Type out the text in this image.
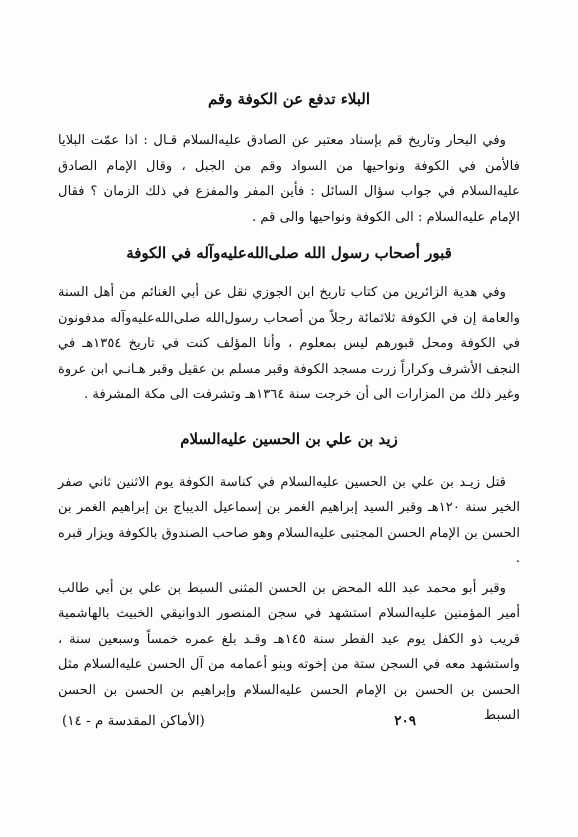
البلاء تدفع عن الكوفة وقم

وفي البحار وتاريخ قم بإسناد معتبر عن الصادق عليه‌السلام قـال : اذا عمّت البلايا فالأمن في الكوفة ونواحيها من السواد وقم من الجبل ، وقال الإمام الصادق عليه‌السلام في جواب سؤال السائل : فأين المفر والمفزع في ذلك الزمان ؟ فقال الإمام عليه‌السلام : الى الكوفة ونواحيها والى قم .

قبور أصحاب رسول الله صلى‌الله‌عليه‌وآله في الكوفة

وفي هدية الزائرين من كتاب تاريخ ابن الجوزي نقل عن أبي الغنائم من أهل السنة والعامة إن في الكوفة ثلاثمائة رجلاً من أصحاب رسول‌الله صلى‌الله‌عليه‌وآله مدفونون في الكوفة ومحل قبورهم ليس بمعلوم ، وأنا المؤلف كنت في تاريخ ١٣٥٤هـ في النجف الأشرف وكراراً زرت مسجد الكوفة وقبر مسلم بن عقيل وقبر هـانـي ابن عروة وغير ذلك من المزارات الى أن خرجت سنة ١٣٦٤هـ وتشرفت الى مكة المشرفة .

زيد بن علي بن الحسين عليه‌السلام

قتل زيـد بن علي بن الحسين عليه‌السلام في كناسة الكوفة يوم الاثنين ثاني صفر الخير سنة ١٢٠هـ وقبر السيد إبراهيم الغمر بن إسماعيل الديباج بن إبراهيم الغمر بن الحسن بن الإمام الحسن المجتبى عليه‌السلام وهو صاحب الصندوق بالكوفة ويزار قبره .

وقبر أبو محمد عبد الله المحض بن الحسن المثنى السبط بن علي بن أبي طالب أمير المؤمنين عليه‌السلام استشهد في سجن المنصور الدوانيقي الخبيث بالهاشمية قريب ذو الكفل يوم عيد الفطر سنة ١٤٥هـ وقـد بلغ عمره خمساً وسبعين سنة ، واستشهد معه في السجن ستة من إخوته وبنو أعمامه من آل الحسن عليه‌السلام مثل الحسن بن الحسن بن الإمام الحسن عليه‌السلام وإبراهيم بن الحسن بن الحسن السبط

٢٠٩
(الأماكن المقدسة م - ١٤)
